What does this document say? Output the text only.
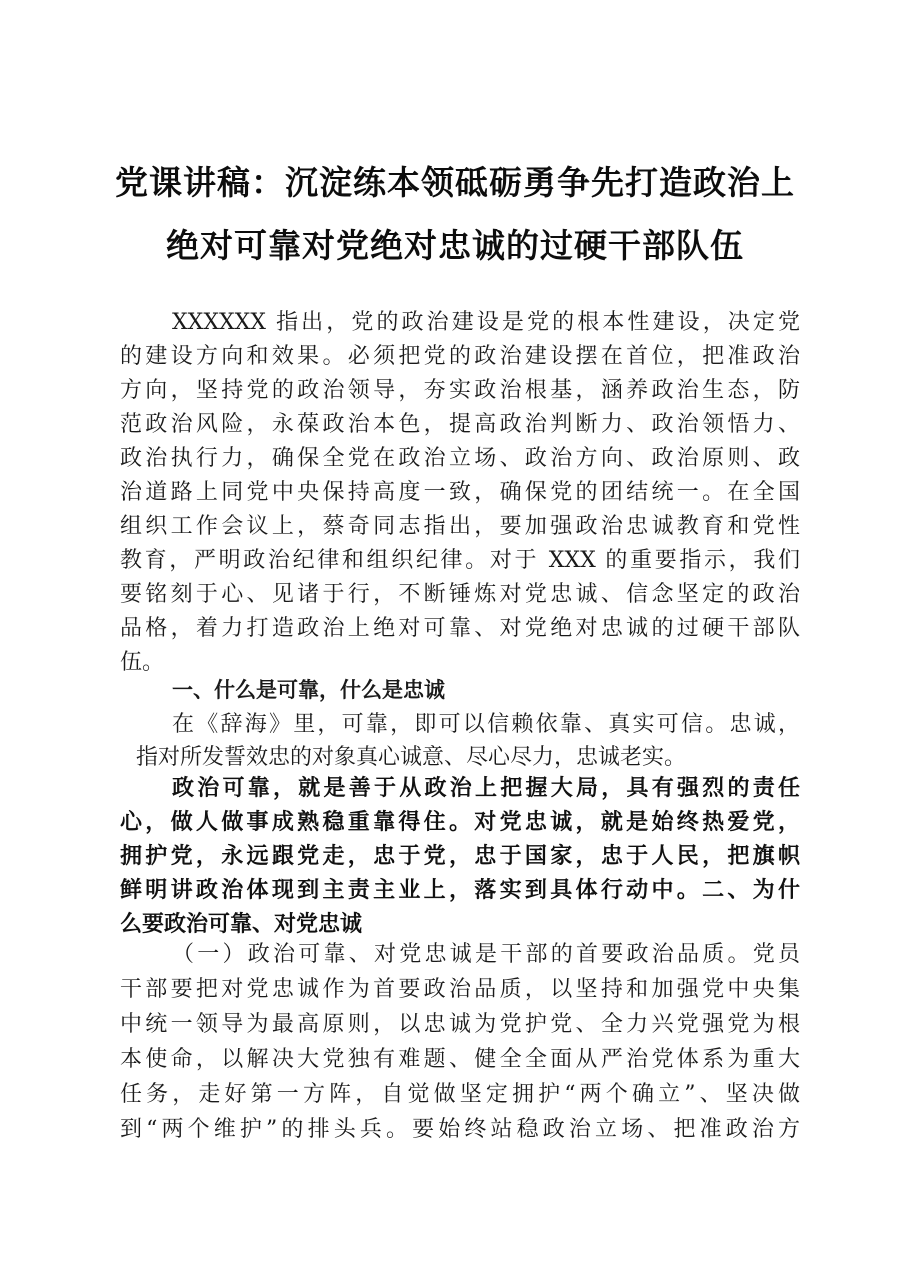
党课讲稿：沉淀练本领砥砺勇争先打造政治上
绝对可靠对党绝对忠诚的过硬干部队伍
XXXXXX 指出，党的政治建设是党的根本性建设，决定党
的建设方向和效果。必须把党的政治建设摆在首位，把准政治
方向，坚持党的政治领导，夯实政治根基，涵养政治生态，防
范政治风险，永葆政治本色，提高政治判断力、政治领悟力、
政治执行力，确保全党在政治立场、政治方向、政治原则、政
治道路上同党中央保持高度一致，确保党的团结统一。在全国
组织工作会议上，蔡奇同志指出，要加强政治忠诚教育和党性
教育，严明政治纪律和组织纪律。对于 XXX 的重要指示，我们
要铭刻于心、见诸于行，不断锤炼对党忠诚、信念坚定的政治
品格，着力打造政治上绝对可靠、对党绝对忠诚的过硬干部队
伍。
一、什么是可靠，什么是忠诚
在《辞海》里，可靠，即可以信赖依靠、真实可信。忠诚，
指对所发誓效忠的对象真心诚意、尽心尽力，忠诚老实。
政治可靠，就是善于从政治上把握大局，具有强烈的责任
心，做人做事成熟稳重靠得住。对党忠诚，就是始终热爱党，
拥护党，永远跟党走，忠于党，忠于国家，忠于人民，把旗帜
鲜明讲政治体现到主责主业上，落实到具体行动中。二、为什
么要政治可靠、对党忠诚
（一）政治可靠、对党忠诚是干部的首要政治品质。党员
干部要把对党忠诚作为首要政治品质，以坚持和加强党中央集
中统一领导为最高原则，以忠诚为党护党、全力兴党强党为根
本使命，以解决大党独有难题、健全全面从严治党体系为重大
任务，走好第一方阵，自觉做坚定拥护“两个确立”、坚决做
到“两个维护”的排头兵。要始终站稳政治立场、把准政治方
